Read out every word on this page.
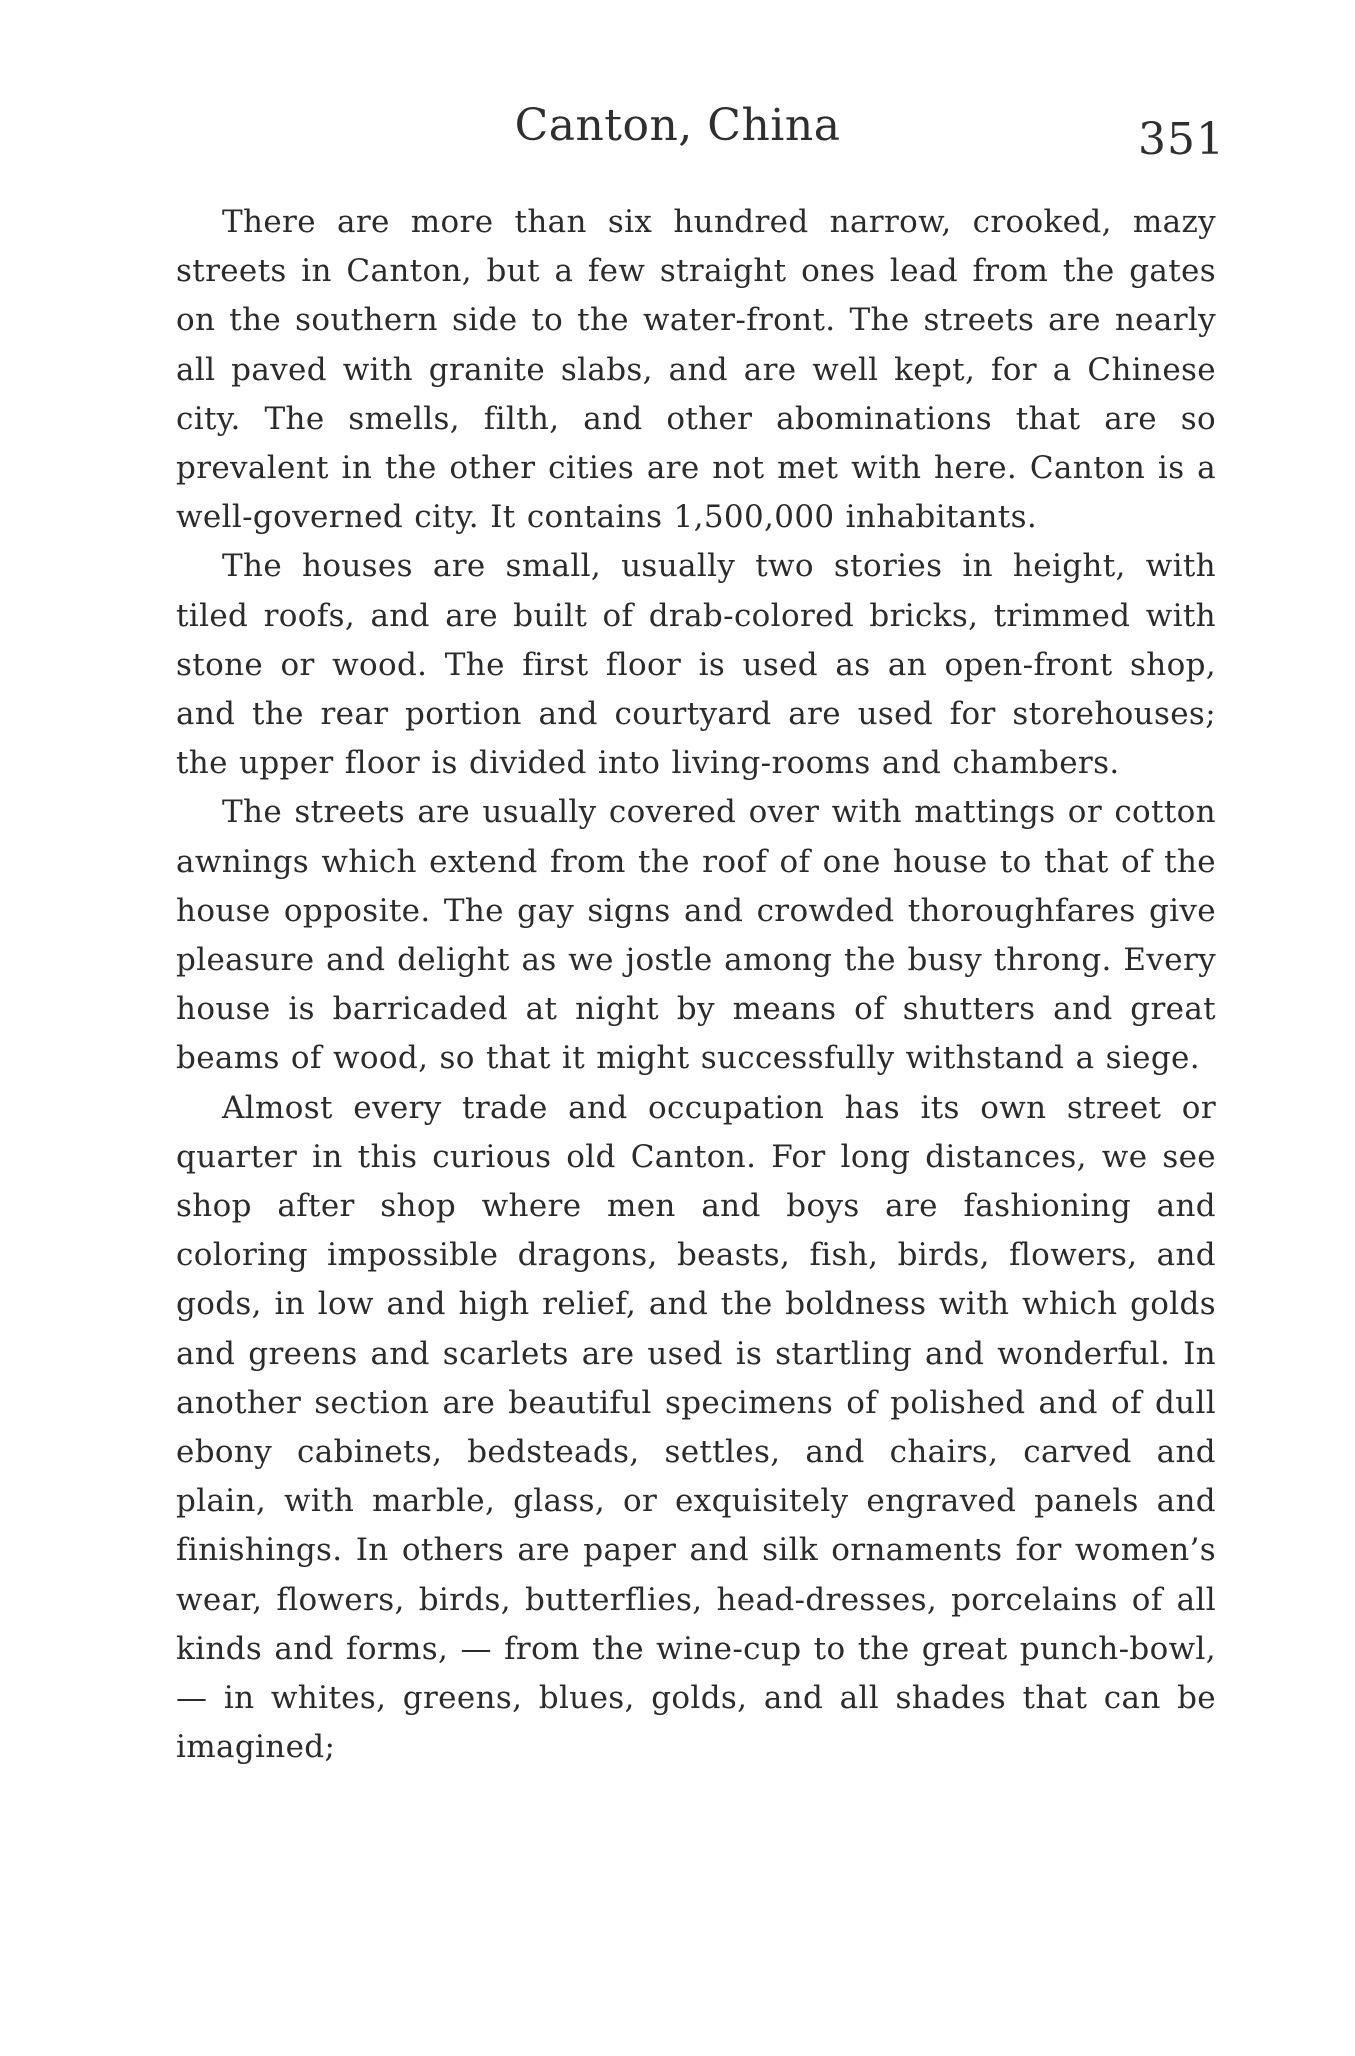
Canton, China	351

There are more than six hundred narrow, crooked, mazy streets in Canton, but a few straight ones lead from the gates on the southern side to the water-front. The streets are nearly all paved with granite slabs, and are well kept, for a Chinese city. The smells, filth, and other abominations that are so prevalent in the other cities are not met with here. Canton is a well-governed city. It contains 1,500,000 inhabitants.

The houses are small, usually two stories in height, with tiled roofs, and are built of drab-colored bricks, trimmed with stone or wood. The first floor is used as an open-front shop, and the rear portion and courtyard are used for storehouses; the upper floor is divided into living-rooms and chambers.

The streets are usually covered over with mattings or cotton awnings which extend from the roof of one house to that of the house opposite. The gay signs and crowded thoroughfares give pleasure and delight as we jostle among the busy throng. Every house is barricaded at night by means of shutters and great beams of wood, so that it might successfully withstand a siege.

Almost every trade and occupation has its own street or quarter in this curious old Canton. For long distances, we see shop after shop where men and boys are fashioning and coloring impossible dragons, beasts, fish, birds, flowers, and gods, in low and high relief, and the boldness with which golds and greens and scarlets are used is startling and wonderful. In another section are beautiful specimens of polished and of dull ebony cabinets, bedsteads, settles, and chairs, carved and plain, with marble, glass, or exquisitely engraved panels and finishings. In others are paper and silk ornaments for women’s wear, flowers, birds, butterflies, head-dresses, porcelains of all kinds and forms, — from the wine-cup to the great punch-bowl, — in whites, greens, blues, golds, and all shades that can be imagined;
